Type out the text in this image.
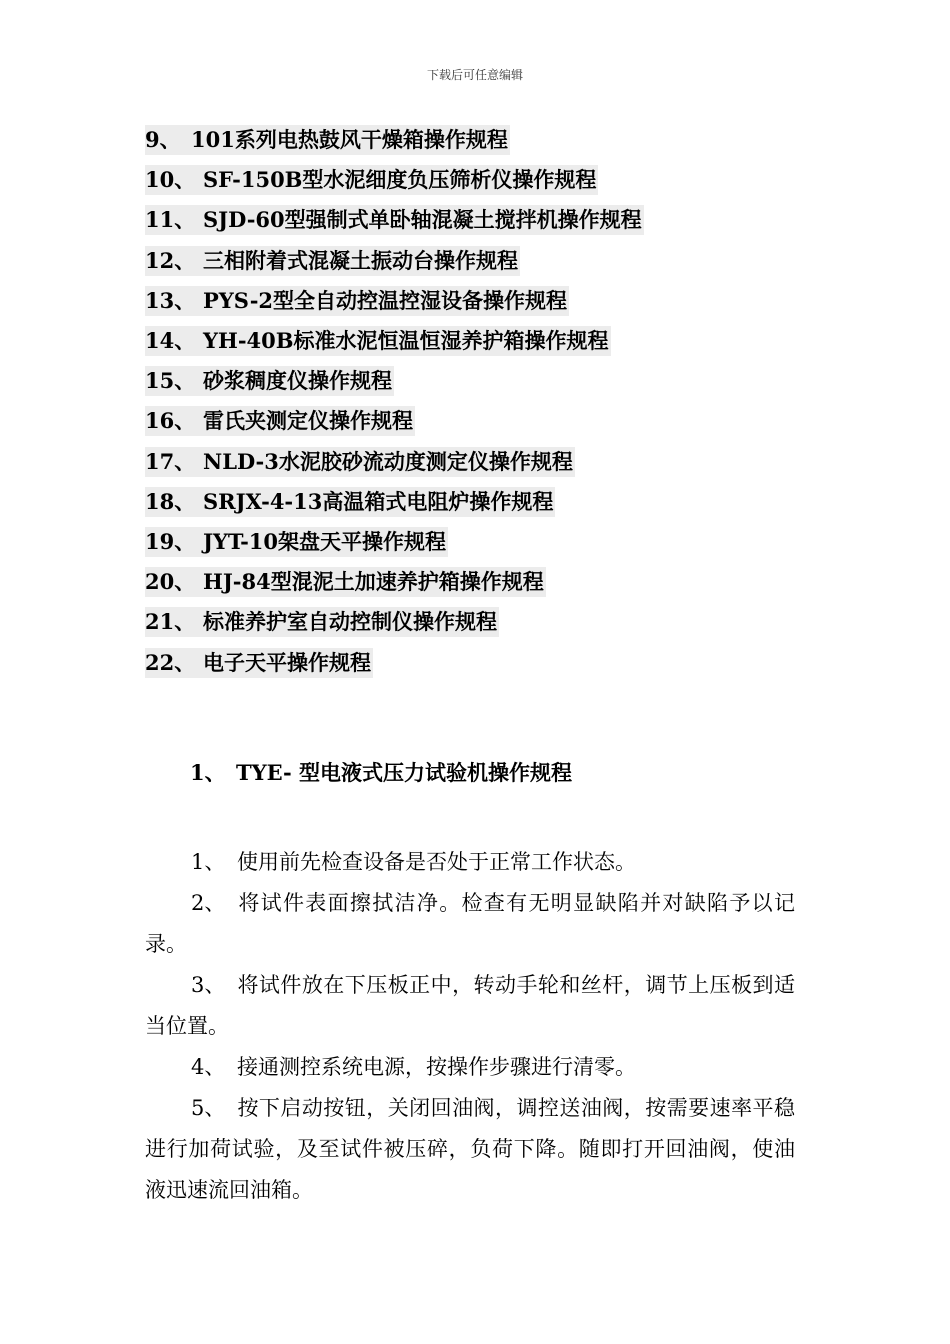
下载后可任意编辑
9、 101系列电热鼓风干燥箱操作规程
10、 SF-150B型水泥细度负压筛析仪操作规程
11、 SJD-60型强制式单卧轴混凝土搅拌机操作规程
12、 三相附着式混凝土振动台操作规程
13、 PYS-2型全自动控温控湿设备操作规程
14、 YH-40B标准水泥恒温恒湿养护箱操作规程
15、 砂浆稠度仪操作规程
16、 雷氏夹测定仪操作规程
17、 NLD-3水泥胶砂流动度测定仪操作规程
18、 SRJX-4-13高温箱式电阻炉操作规程
19、 JYT-10架盘天平操作规程
20、 HJ-84型混泥土加速养护箱操作规程
21、 标准养护室自动控制仪操作规程
22、 电子天平操作规程
1、 TYE- 型电液式压力试验机操作规程

1、 使用前先检查设备是否处于正常工作状态。

2、 将试件表面擦拭洁净。检查有无明显缺陷并对缺陷予以记录。

3、 将试件放在下压板正中，转动手轮和丝杆，调节上压板到适当位置。

4、 接通测控系统电源，按操作步骤进行清零。

5、 按下启动按钮，关闭回油阀，调控送油阀，按需要速率平稳进行加荷试验，及至试件被压碎，负荷下降。随即打开回油阀，使油液迅速流回油箱。
